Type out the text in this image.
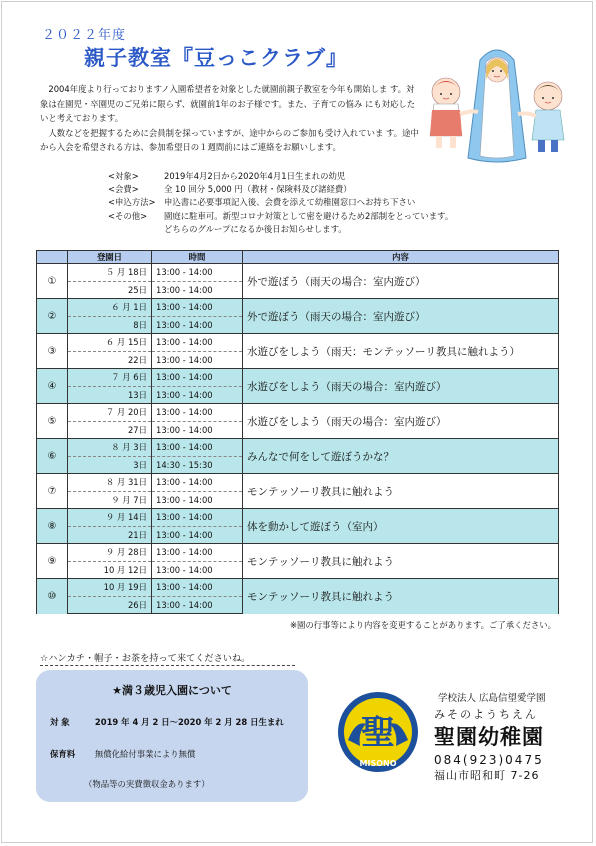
２０２２年度
親子教室『豆っこクラブ』

2004年度より行っておりますノ入園希望者を対象とした就園前親子教室を今年も開始しま す。対象は在園児・卒園児のご兄弟に限らず、就園前1年のお子様です。また、子育ての悩み にも対応したいと考えております。

人数などを把握するために会員制を採っていますが、途中からのご参加も受け入れていま す。途中から入会を希望される方は、参加希望日の１週間前にはご連絡をお願いします。

<対象>	2019年4月2日から2020年4月1日生まれの幼児
<会費>	全 10 回分 5,000 円（教材・保険料及び諸経費）
<申込方法>	申込書に必要事項記入後、会費を添えて幼稚園窓口へお持ち下さい
<その他>	園庭に駐車可。新型コロナ対策として密を避けるため2部制をとっています。
どちらのグループになるか後日お知らせします。
	登園日	時間	内容
①	５ 月 18日	13:00 - 14:00	外で遊ぼう（雨天の場合：室内遊び）
	25日	13:00 - 14:00	
②	６ 月 1日	13:00 - 14:00	外で遊ぼう（雨天の場合：室内遊び）
	8日	13:00 - 14:00	
③	６ 月 15日	13:00 - 14:00	水遊びをしよう（雨天：モンテッソーリ教具に触れよう）
	22日	13:00 - 14:00	
④	７ 月 6日	13:00 - 14:00	水遊びをしよう（雨天の場合：室内遊び）
	13日	13:00 - 14:00	
⑤	７ 月 20日	13:00 - 14:00	水遊びをしよう（雨天の場合：室内遊び）
	27日	13:00 - 14:00	
⑥	８ 月 3日	13:00 - 14:00	みんなで何をして遊ぼうかな？
	3日	14:30 - 15:30	
⑦	８ 月 31日	13:00 - 14:00	モンテッソーリ教具に触れよう
	９ 月 7日	13:00 - 14:00	
⑧	９ 月 14日	13:00 - 14:00	体を動かして遊ぼう（室内）
	21日	13:00 - 14:00	
⑨	９ 月 28日	13:00 - 14:00	モンテッソーリ教具に触れよう
	10 月 12日	13:00 - 14:00	
⑩	10 月 19日	13:00 - 14:00	モンテッソーリ教具に触れよう
	26日	13:00 - 14:00	
※園の行事等により内容を変更することがあります。ご了承ください。
☆ハンカチ・帽子・お茶を持って来てくださいね。
★満３歳児入園について
対 象	2019 年 4 月 2 日～2020 年 2 月 28 日生まれ
保育料 無償化給付事業により無償
（物品等の実費徴収金あります）
聖
MISONO
学校法人 広島信望愛学園
みそのようちえん
聖園幼稚園
084(923)0475
福山市昭和町 7-26
